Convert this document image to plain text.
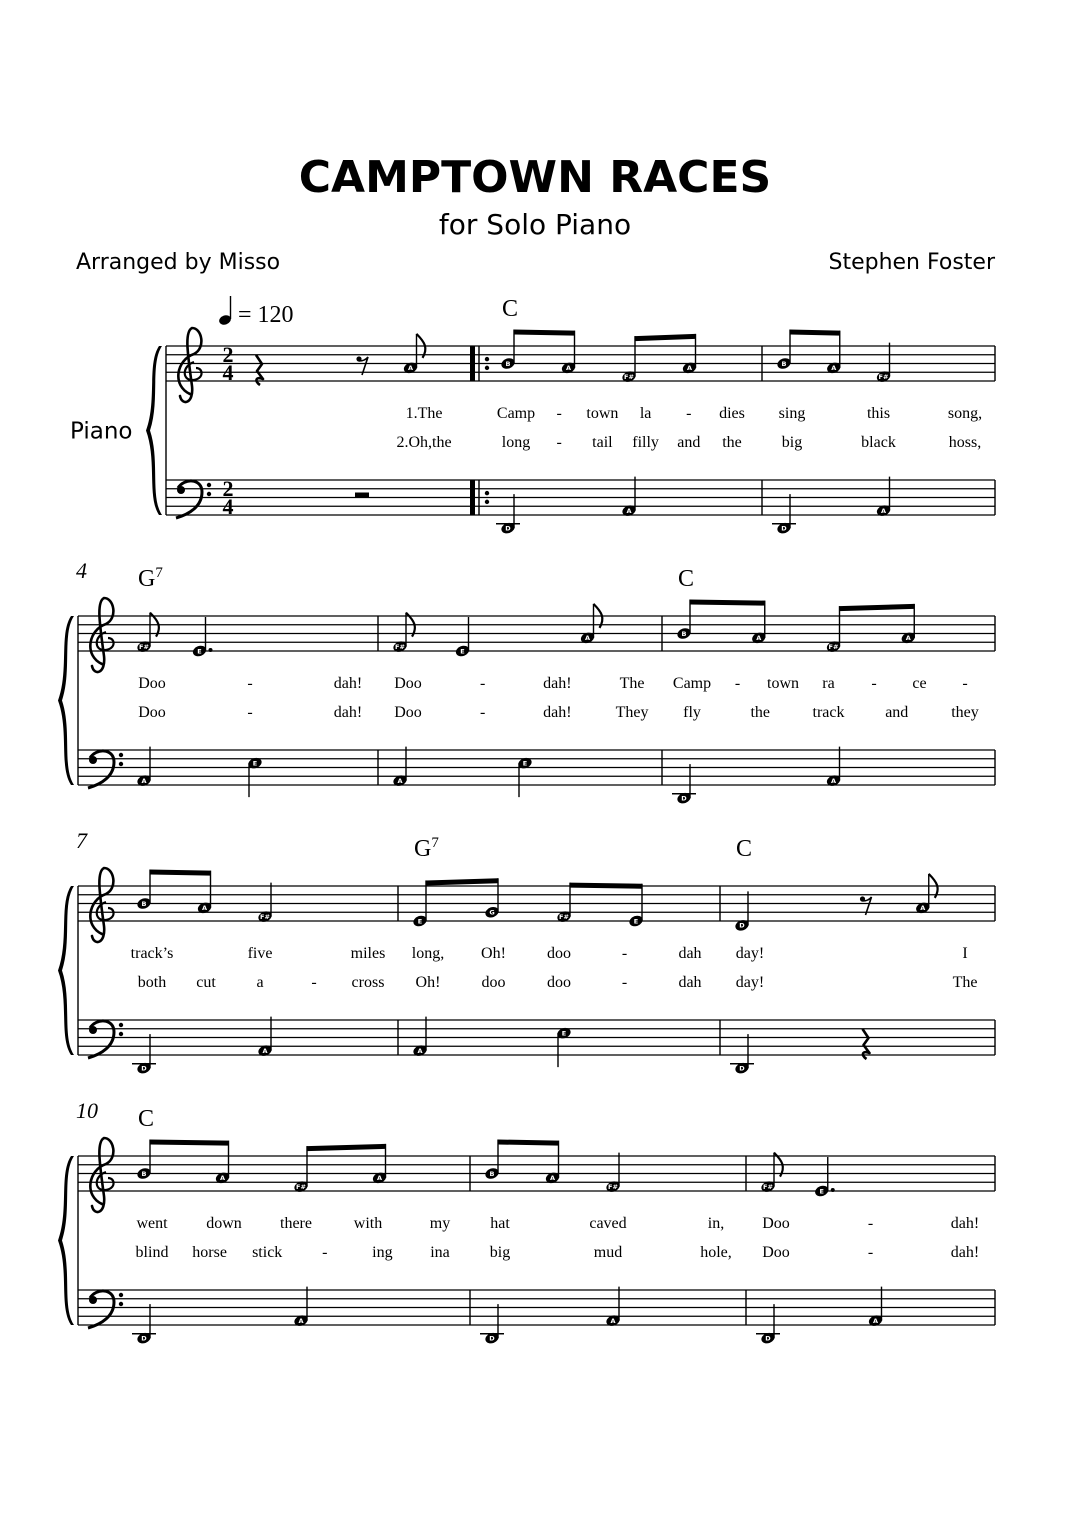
CAMPTOWN RACES
for Solo Piano
Arranged by Misso	Stephen Foster
2
4
2
4
Piano
= 120
A
1.The
2.Oh,the
C
B
A
F#
A
D
A
Camp - town la - dies
long - tail filly and the
B
A
F#
D
A
sing	this	song,
big	black	hoss,
4 $G^7$
F#
E
A
E
Doo	-	dah!
Doo	-	dah!
F#
E
A
A
E
Doo	-	dah!	The
Doo	-	dah!	They
C
B
A
F#
A
D
A
Camp - town ra - ce -
fly	the	track	and	they
7
B
A
F#
D
A
track’s	five	miles
both cut	a	- cross
$G^7$
E
G
F#
E
A
E
long, Oh!	doo	-	dah
Oh!	doo	doo	-	dah
C
D
A
D
day!	I
day!	The
10 C
B
A
F#
A
D
A
went down there	with	my
blind horse stick -	ing ina
B
A
F#
D
A
hat	caved	in,
big	mud	hole,
F#
E
D
A
Doo	-	dah!
Doo	-	dah!
